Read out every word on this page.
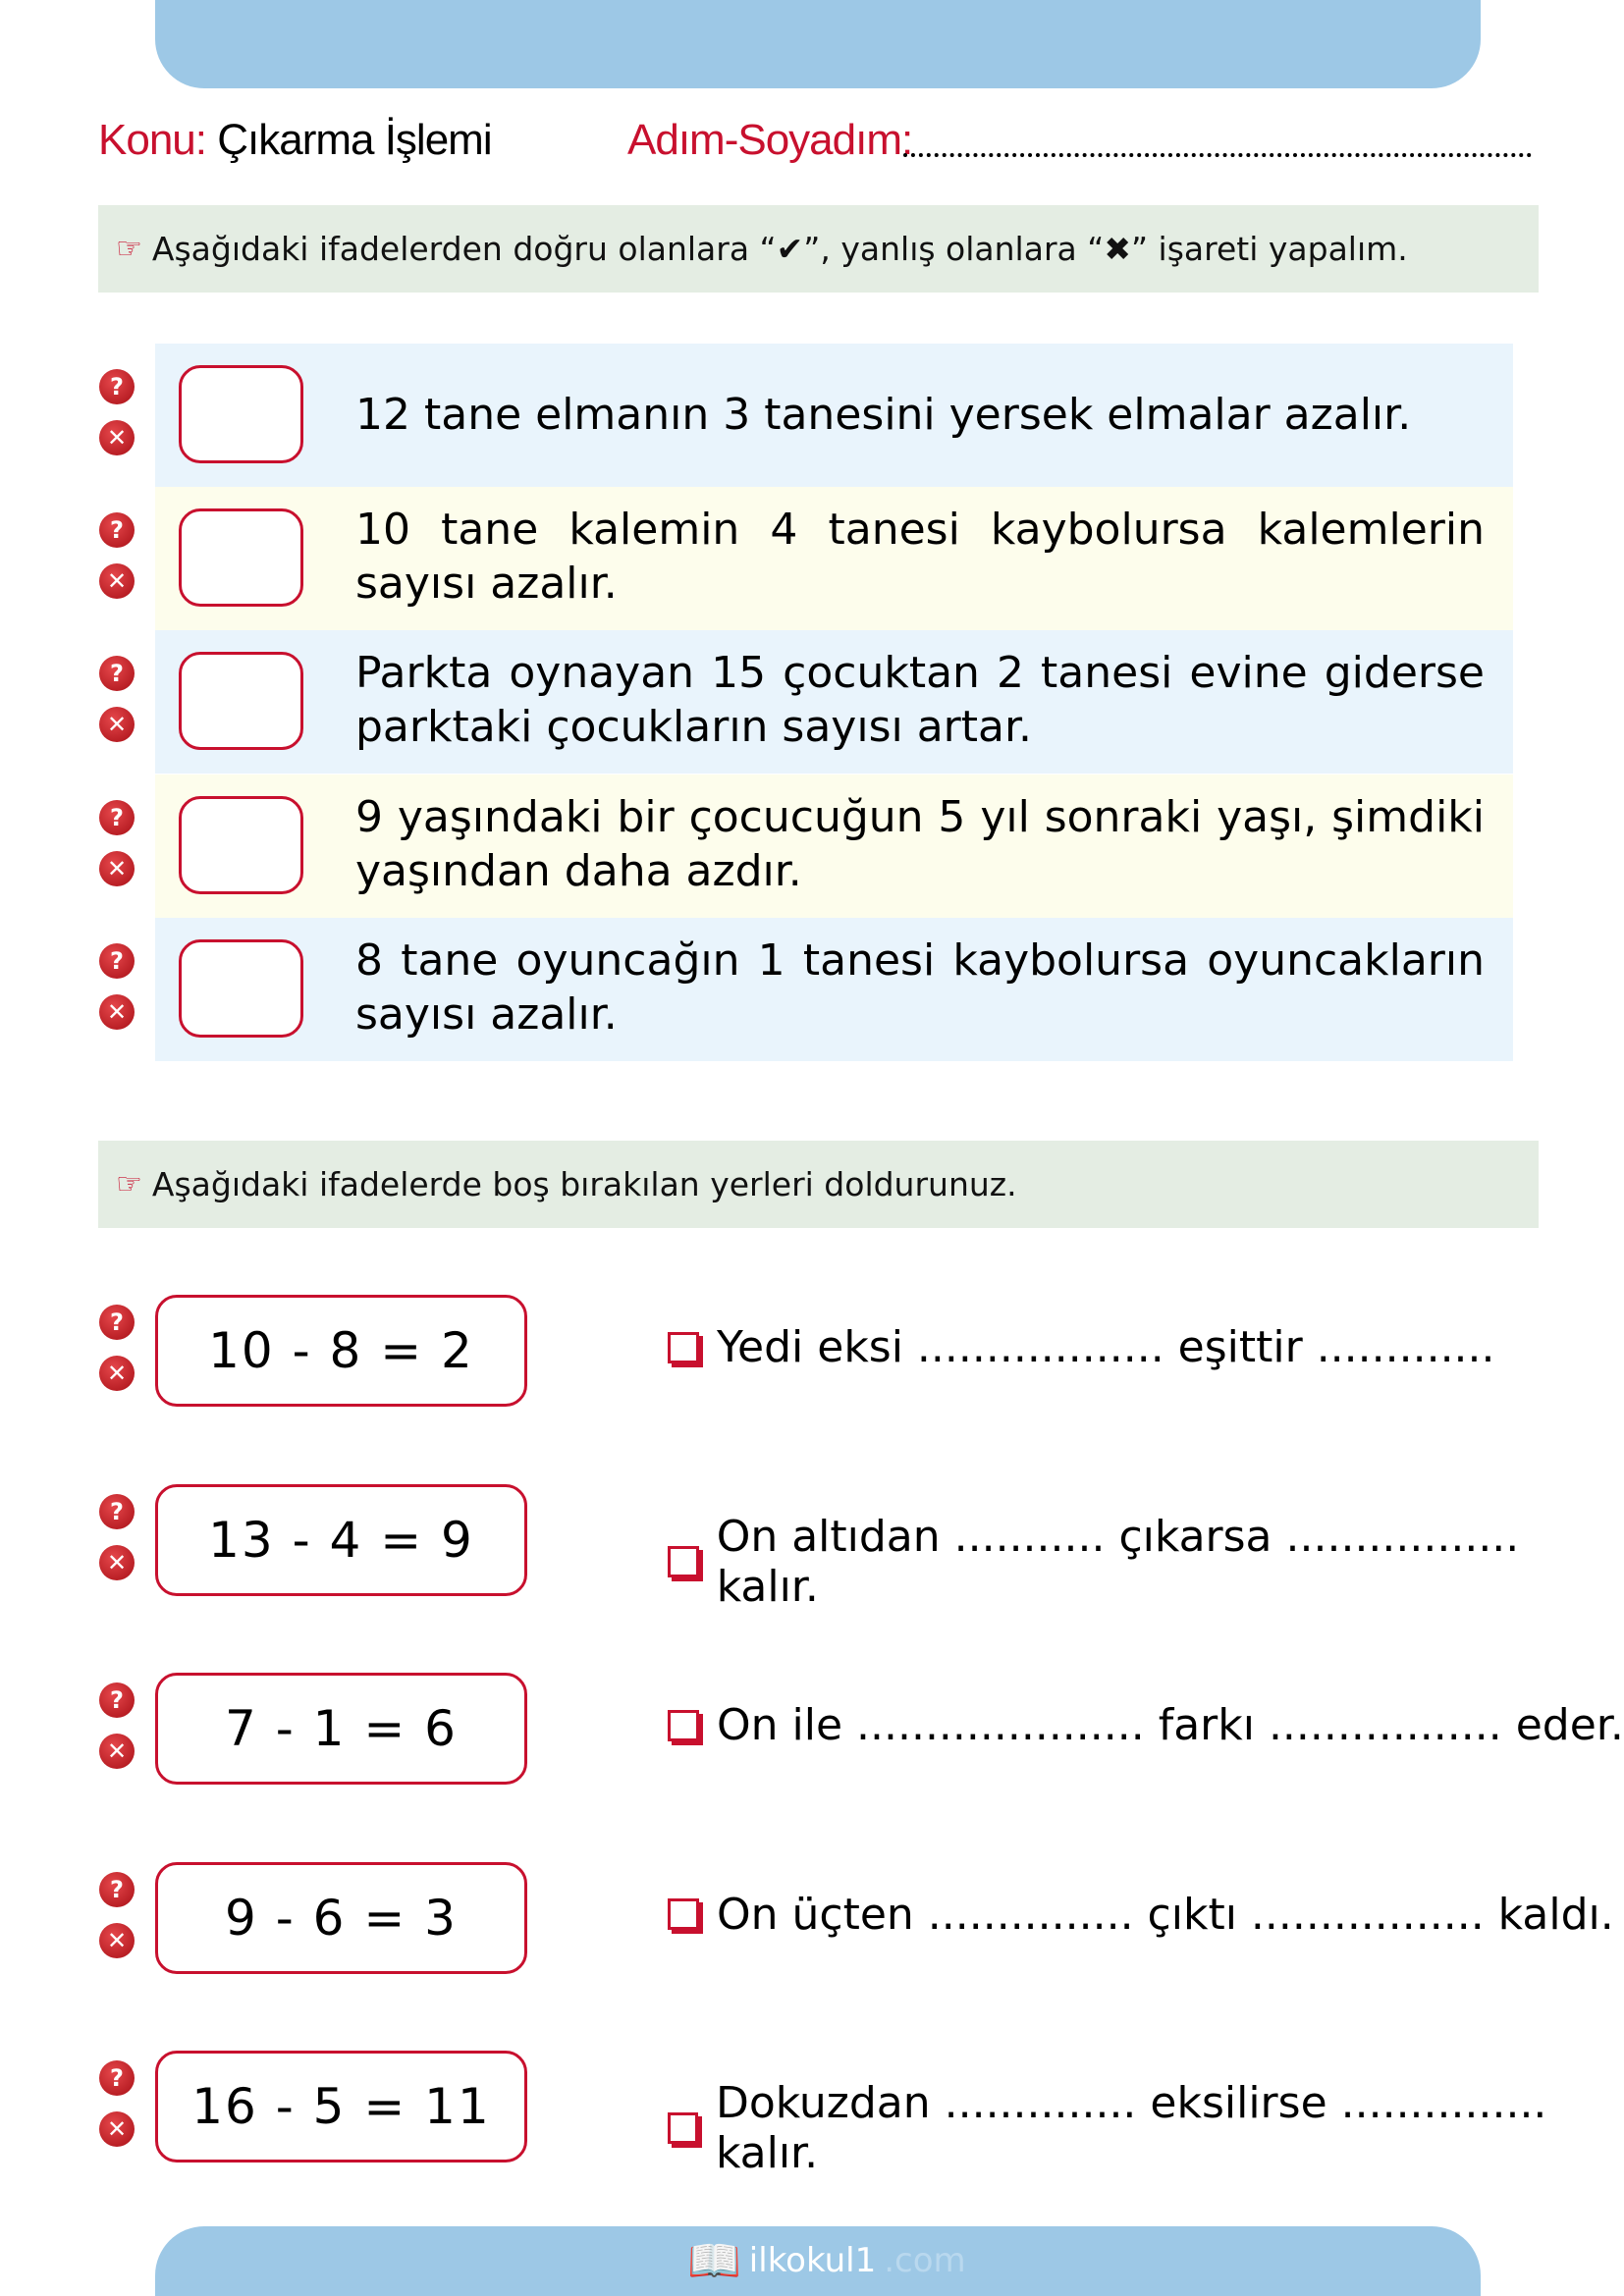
Konu: Çıkarma İşlemi	Adım-Soyadım:
☞ Aşağıdaki ifadelerden doğru olanlara “✔”, yanlış olanlara “✖” işareti yapalım.
?
✕	12 tane elmanın 3 tanesini yersek elmalar azalır.
?
✕
10 tane kalemin 4 tanesi kaybolursa kalemlerin sayısı azalır.
?
✕
Parkta oynayan 15 çocuktan 2 tanesi evine giderse parktaki çocukların sayısı artar.
?
✕
9 yaşındaki bir çocucuğun 5 yıl sonraki yaşı, şimdiki yaşından daha azdır.
?
✕
8 tane oyuncağın 1 tanesi kaybolursa oyuncakların sayısı azalır.
☞ Aşağıdaki ifadelerde boş bırakılan yerleri doldurunuz.
?
✕	10 - 8 = 2	Yedi eksi .................. eşittir .............
?
✕	13 - 4 = 9	On altıdan ........... çıkarsa ................. kalır.
?
✕	7 - 1 = 6	On ile ..................... farkı ................. eder.
?
✕	9 - 6 = 3	On üçten ............... çıktı ................. kaldı.
?
✕	16 - 5 = 11	Dokuzdan .............. eksilirse ............... kalır.
📖 ilkokul1 .com
